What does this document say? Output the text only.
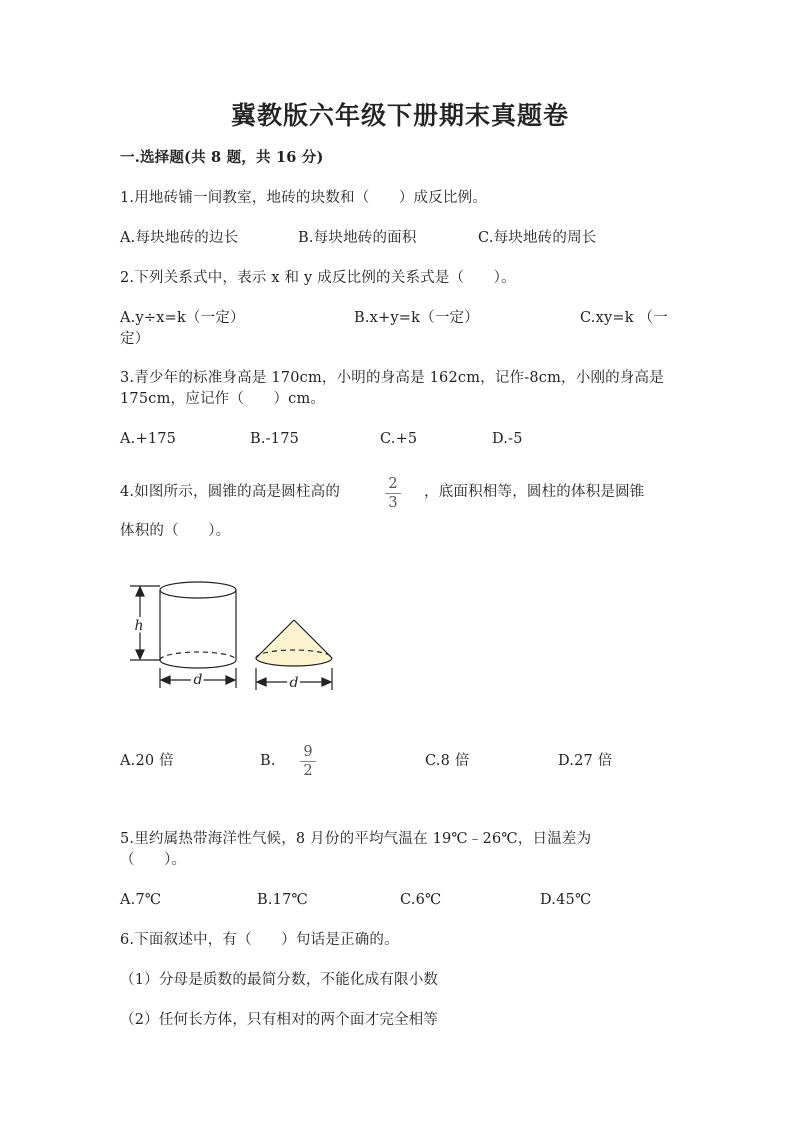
冀教版六年级下册期末真题卷
一.选择题(共 8 题，共 16 分)
1.用地砖铺一间教室，地砖的块数和（　　）成反比例。
A.每块地砖的边长	B.每块地砖的面积	C.每块地砖的周长
2.下列关系式中，表示 x 和 y 成反比例的关系式是（　　）。
A.y÷x=k（一定）	B.x+y=k（一定）	C.xy=k （一
定）
3.青少年的标准身高是 170cm，小明的身高是 162cm，记作-8cm，小刚的身高是
175cm，应记作（　　）cm。
A.+175	B.-175	C.+5	D.-5
4.如图所示，圆锥的高是圆柱高的	2
3
，底面积相等，圆柱的体积是圆锥
体积的（　　）。
h
d	d
A.20 倍	B.
9
2
C.8 倍	D.27 倍
5.里约属热带海洋性气候，8 月份的平均气温在 19℃﹣26℃，日温差为
（　　）。
A.7℃	B.17℃	C.6℃	D.45℃
6.下面叙述中，有（　　）句话是正确的。
（1）分母是质数的最简分数，不能化成有限小数
（2）任何长方体，只有相对的两个面才完全相等
